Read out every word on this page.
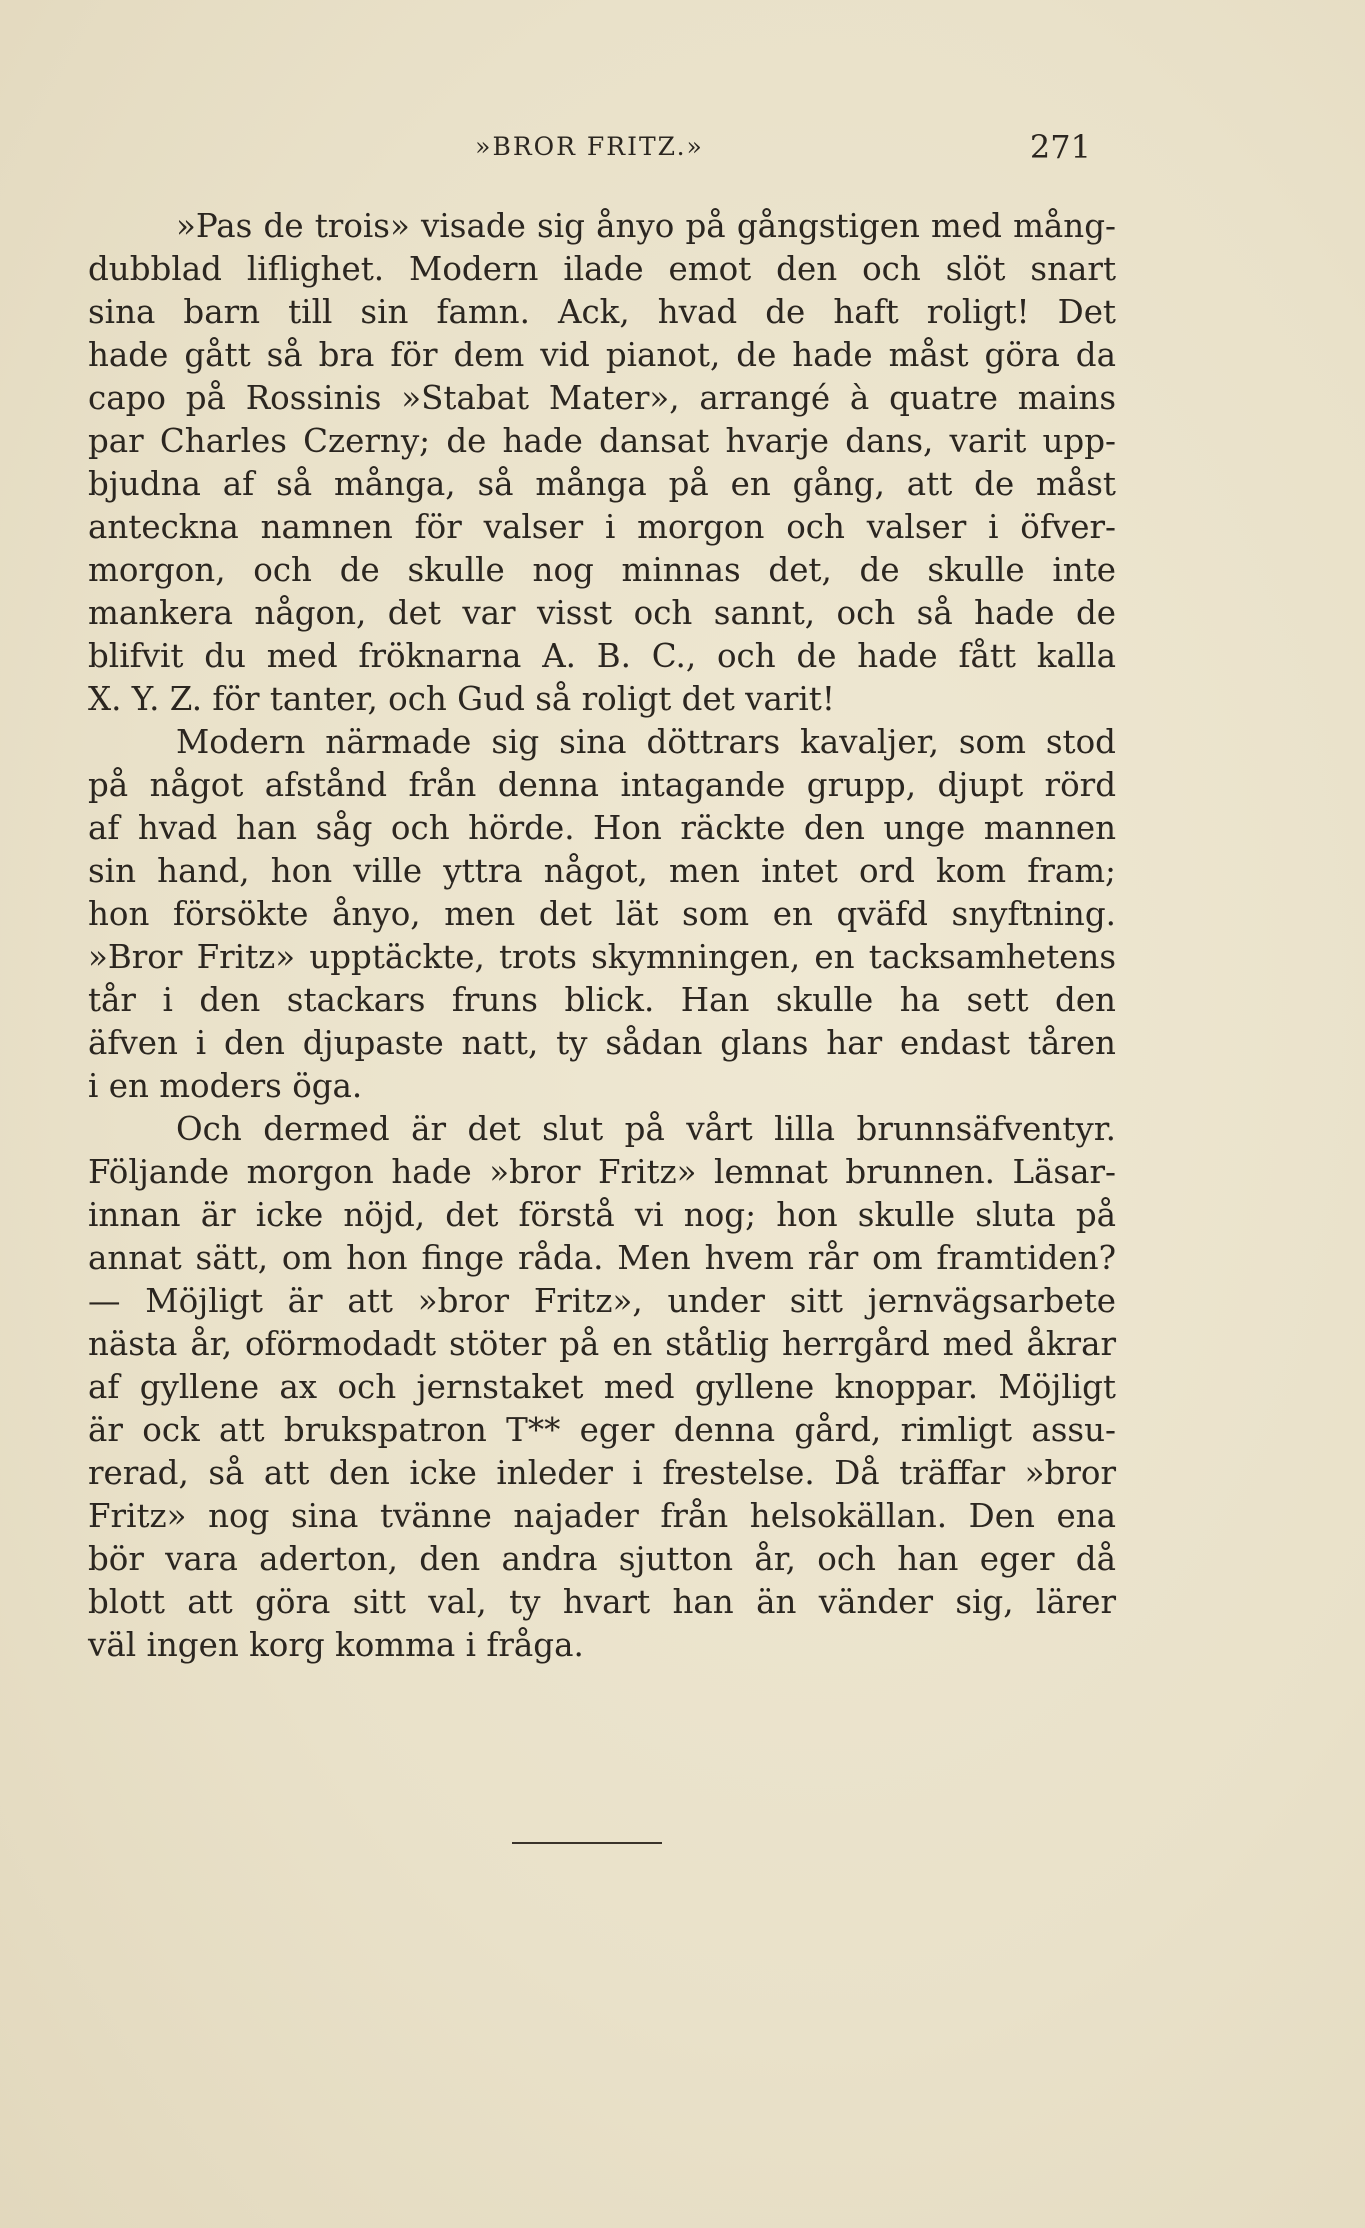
»BROR FRITZ.»	271
»Pas de trois» visade sig ånyo på gångstigen med mång-
dubblad liflighet. Modern ilade emot den och slöt snart
sina barn till sin famn. Ack, hvad de haft roligt! Det
hade gått så bra för dem vid pianot, de hade måst göra da
capo på Rossinis »Stabat Mater», arrangé à quatre mains
par Charles Czerny; de hade dansat hvarje dans, varit upp-
bjudna af så många, så många på en gång, att de måst
anteckna namnen för valser i morgon och valser i öfver-
morgon, och de skulle nog minnas det, de skulle inte
mankera någon, det var visst och sannt, och så hade de
blifvit du med fröknarna A. B. C., och de hade fått kalla
X. Y. Z. för tanter, och Gud så roligt det varit!
Modern närmade sig sina döttrars kavaljer, som stod
på något afstånd från denna intagande grupp, djupt rörd
af hvad han såg och hörde. Hon räckte den unge mannen
sin hand, hon ville yttra något, men intet ord kom fram;
hon försökte ånyo, men det lät som en qväfd snyftning.
»Bror Fritz» upptäckte, trots skymningen, en tacksamhetens
tår i den stackars fruns blick. Han skulle ha sett den
äfven i den djupaste natt, ty sådan glans har endast tåren
i en moders öga.
Och dermed är det slut på vårt lilla brunnsäfventyr.
Följande morgon hade »bror Fritz» lemnat brunnen. Läsar-
innan är icke nöjd, det förstå vi nog; hon skulle sluta på
annat sätt, om hon finge råda. Men hvem rår om framtiden?
— Möjligt är att »bror Fritz», under sitt jernvägsarbete
nästa år, oförmodadt stöter på en ståtlig herrgård med åkrar
af gyllene ax och jernstaket med gyllene knoppar. Möjligt
är ock att brukspatron T** eger denna gård, rimligt assu-
rerad, så att den icke inleder i frestelse. Då träffar »bror
Fritz» nog sina tvänne najader från helsokällan. Den ena
bör vara aderton, den andra sjutton år, och han eger då
blott att göra sitt val, ty hvart han än vänder sig, lärer
väl ingen korg komma i fråga.
